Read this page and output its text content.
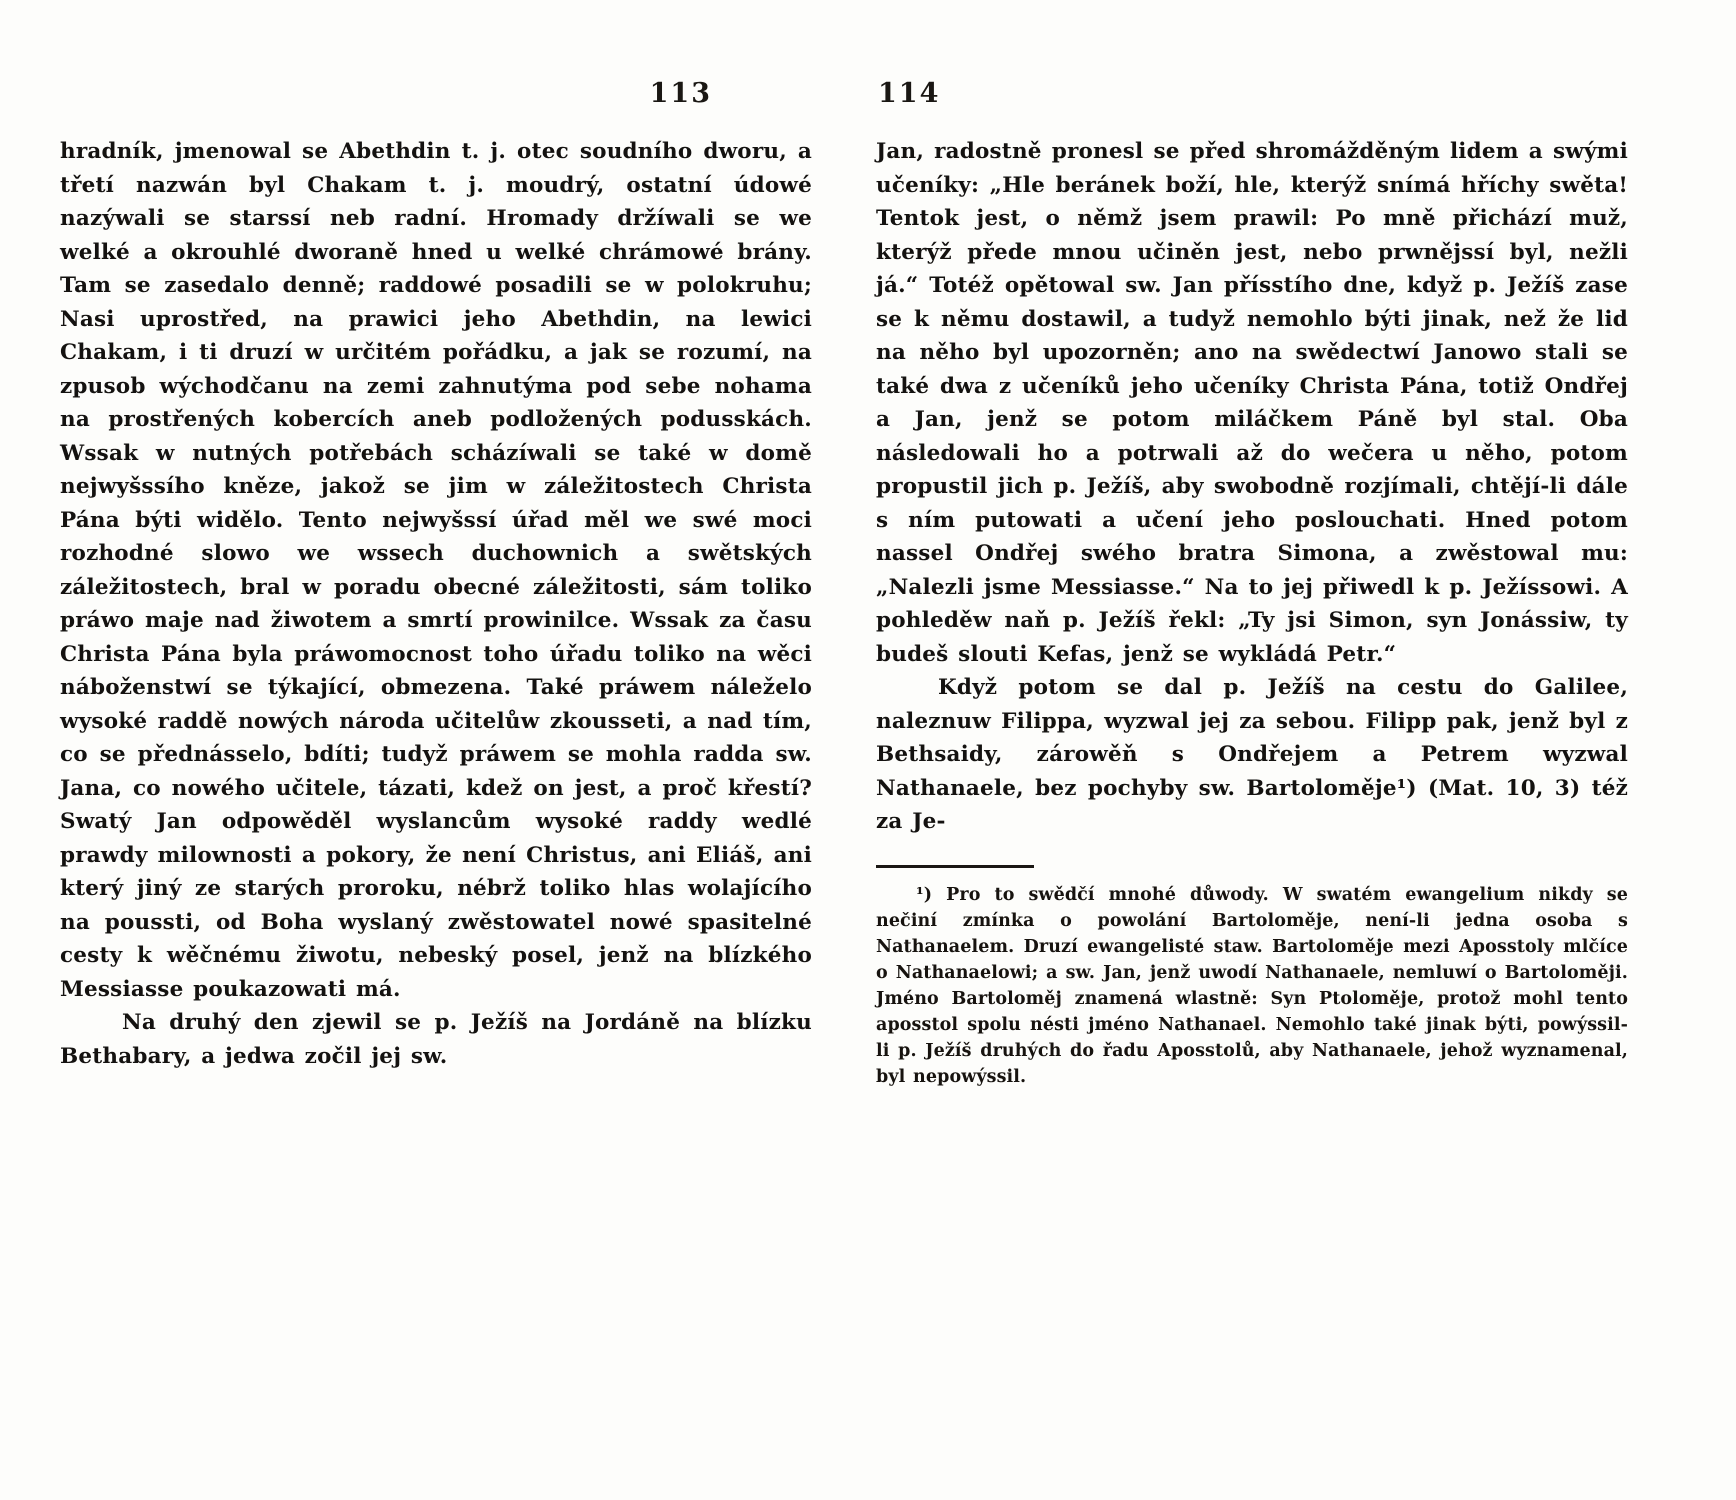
113

hradník, jmenowal se Abethdin t. j. otec soudního dworu, a třetí nazwán byl Chakam t. j. moudrý, ostatní údowé nazýwali se starssí neb radní. Hromady držíwali se we welké a okrouhlé dworaně hned u welké chrámowé brány. Tam se zasedalo denně; raddowé posadili se w polokruhu; Nasi uprostřed, na prawici jeho Abethdin, na lewici Chakam, i ti druzí w určitém pořádku, a jak se rozumí, na zpusob wýchodčanu na zemi zahnutýma pod sebe nohama na prostřených kobercích aneb podložených podusskách. Wssak w nutných potřebách scházíwali se také w domě nejwyšssího kněze, jakož se jim w záležitostech Christa Pána býti widělo. Tento nejwyšssí úřad měl we swé moci rozhodné slowo we wssech duchownich a swětských záležitostech, bral w poradu obecné záležitosti, sám toliko práwo maje nad žiwotem a smrtí prowinilce. Wssak za času Christa Pána byla práwomocnost toho úřadu toliko na wěci náboženstwí se týkající, obmezena. Také práwem náleželo wysoké raddě nowých národa učitelůw zkousseti, a nad tím, co se přednásselo, bdíti; tudyž práwem se mohla radda sw. Jana, co nowého učitele, tázati, kdež on jest, a proč křestí? Swatý Jan odpowěděl wyslancům wysoké raddy wedlé prawdy milownosti a pokory, že není Christus, ani Eliáš, ani který jiný ze starých proroku, nébrž toliko hlas wolajícího na poussti, od Boha wyslaný zwěstowatel nowé spasitelné cesty k wěčnému žiwotu, nebeský posel, jenž na blízkého Messiasse poukazowati má.

Na druhý den zjewil se p. Ježíš na Jordáně na blízku Bethabary, a jedwa zočil jej sw.

114

Jan, radostně pronesl se před shromážděným lidem a swými učeníky: „Hle beránek boží, hle, kterýž snímá hříchy swěta! Tentok jest, o němž jsem prawil: Po mně přichází muž, kterýž přede mnou učiněn jest, nebo prwnějssí byl, nežli já.“ Totéž opětowal sw. Jan přísstího dne, když p. Ježíš zase se k němu dostawil, a tudyž nemohlo býti jinak, než že lid na něho byl upozorněn; ano na swědectwí Janowo stali se také dwa z učeníků jeho učeníky Christa Pána, totiž Ondřej a Jan, jenž se potom miláčkem Páně byl stal. Oba následowali ho a potrwali až do wečera u něho, potom propustil jich p. Ježíš, aby swobodně rozjímali, chtějí-li dále s ním putowati a učení jeho poslouchati. Hned potom nassel Ondřej swého bratra Simona, a zwěstowal mu: „Nalezli jsme Messiasse.“ Na to jej přiwedl k p. Ježíssowi. A pohleděw naň p. Ježíš řekl: „Ty jsi Simon, syn Jonássiw, ty budeš slouti Kefas, jenž se wykládá Petr.“

Když potom se dal p. Ježíš na cestu do Galilee, naleznuw Filippa, wyzwal jej za sebou. Filipp pak, jenž byl z Bethsaidy, zárowěň s Ondřejem a Petrem wyzwal Nathanaele, bez pochyby sw. Bartoloměje¹) (Mat. 10, 3) též za Je-

¹) Pro to swědčí mnohé důwody. W swatém ewangelium nikdy se nečiní zmínka o powolání Bartoloměje, není-li jedna osoba s Nathanaelem. Druzí ewangelisté staw. Bartoloměje mezi Aposstoly mlčíce o Nathanaelowi; a sw. Jan, jenž uwodí Nathanaele, nemluwí o Bartoloměji. Jméno Bartoloměj znamená wlastně: Syn Ptoloměje, protož mohl tento aposstol spolu nésti jméno Nathanael. Nemohlo také jinak býti, powýssil-li p. Ježíš druhých do řadu Aposstolů, aby Nathanaele, jehož wyznamenal, byl nepowýssil.
